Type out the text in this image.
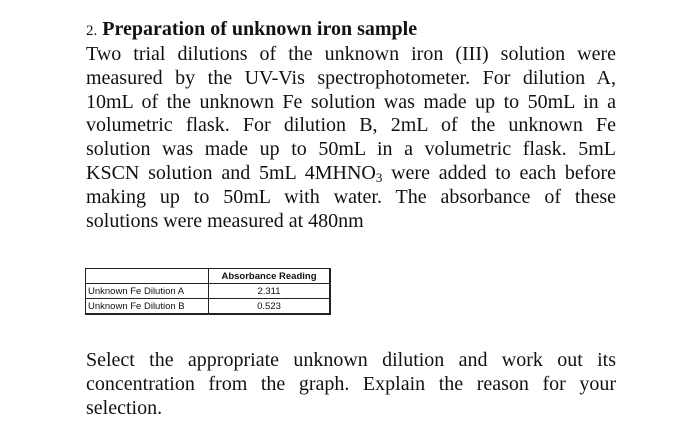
2. Preparation of unknown iron sample
Two trial dilutions of the unknown iron (III) solution were
measured by the UV-Vis spectrophotometer. For dilution A,
10mL of the unknown Fe solution was made up to 50mL in a
volumetric flask. For dilution B, 2mL of the unknown Fe
solution was made up to 50mL in a volumetric flask. 5mL
KSCN solution and 5mL $4MHNO_3$ were added to each before
making up to 50mL with water. The absorbance of these
solutions were measured at 480nm
	Absorbance Reading
Unknown Fe Dilution A	2.311
Unknown Fe Dilution B	0.523
Select the appropriate unknown dilution and work out its
concentration from the graph. Explain the reason for your
selection.
